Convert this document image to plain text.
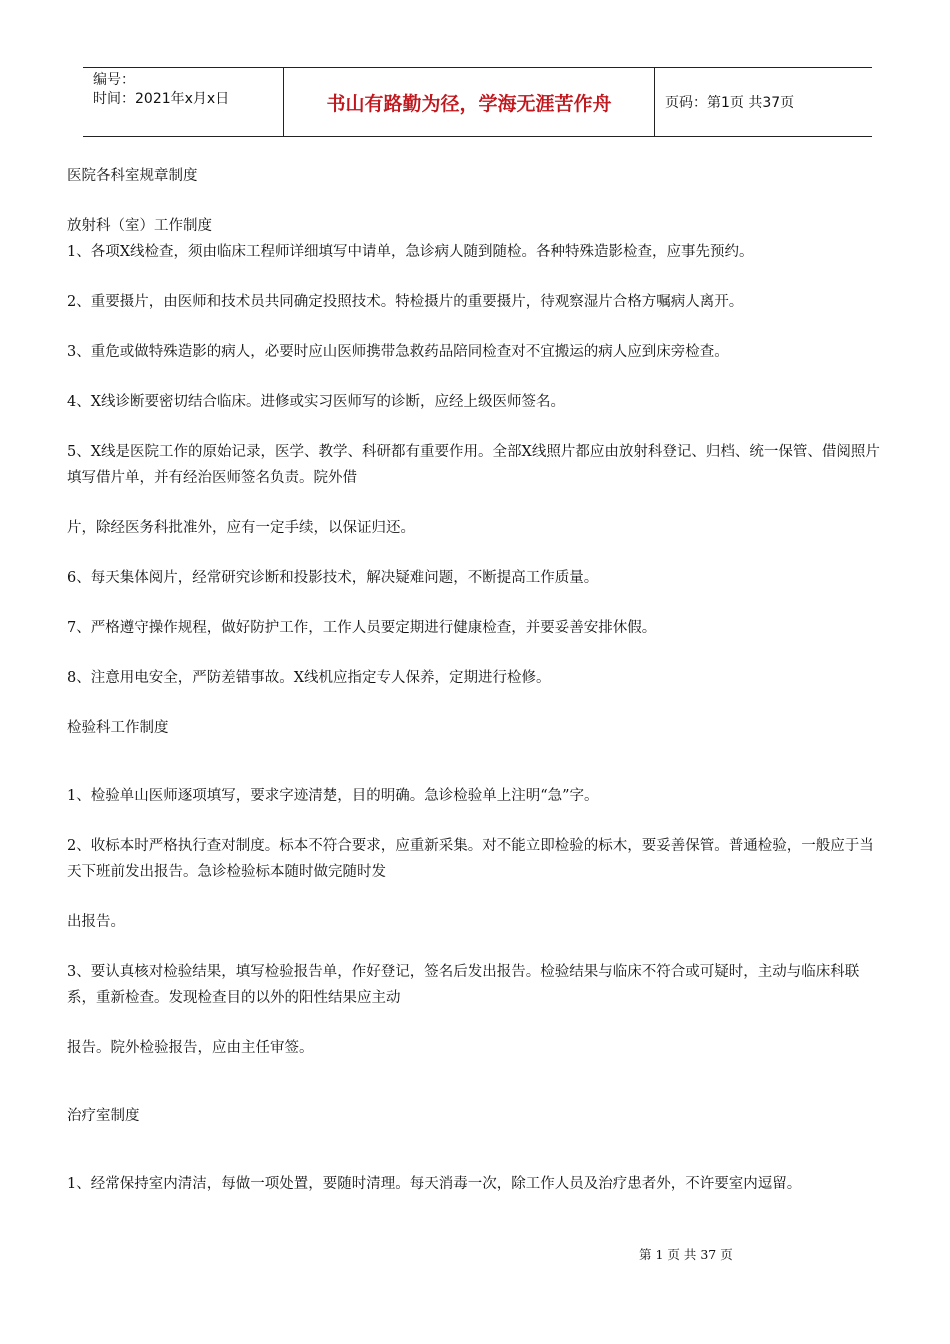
编号：
时间：2021年x月x日	书山有路勤为径，学海无涯苦作舟	页码：第1页 共37页
医院各科室规章制度
放射科（室）工作制度
1、各项X线检查，须由临床工程师详细填写中请单，急诊病人随到随检。各种特殊造影检查，应事先预约。
2、重要摄片，由医师和技术员共同确定投照技术。特检摄片的重要摄片，待观察湿片合格方嘱病人离开。
3、重危或做特殊造影的病人，必要时应山医师携带急救药品陪同检查对不宜搬运的病人应到床旁检查。
4、X线诊断要密切结合临床。进修或实习医师写的诊断，应经上级医师签名。
5、X线是医院工作的原始记录，医学、教学、科研都有重要作用。全部X线照片都应由放射科登记、归档、统一保管、借阅照片填写借片单，并有经治医师签名负责。院外借
片，除经医务科批准外，应有一定手续，以保证归还。
6、每天集体阅片，经常研究诊断和投影技术，解决疑难问题，不断提高工作质量。
7、严格遵守操作规程，做好防护工作，工作人员要定期进行健康检查，并要妥善安排休假。
8、注意用电安全，严防差错事故。X线机应指定专人保养，定期进行检修。
检验科工作制度
1、检验单山医师逐项填写，要求字迹清楚，目的明确。急诊检验单上注明“急”字。
2、收标本时严格执行查对制度。标本不符合要求，应重新采集。对不能立即检验的标木，要妥善保管。普通检验，一般应于当天下班前发出报告。急诊检验标本随时做完随时发
出报告。
3、要认真核对检验结果，填写检验报告单，作好登记，签名后发出报告。检验结果与临床不符合或可疑时，主动与临床科联系，重新检查。发现检查目的以外的阳性结果应主动
报告。院外检验报告，应由主任审签。
治疗室制度
1、经常保持室内清洁，每做一项处置，要随时清理。每天消毒一次，除工作人员及治疗患者外，不许要室内逗留。
第 1 页 共 37 页
